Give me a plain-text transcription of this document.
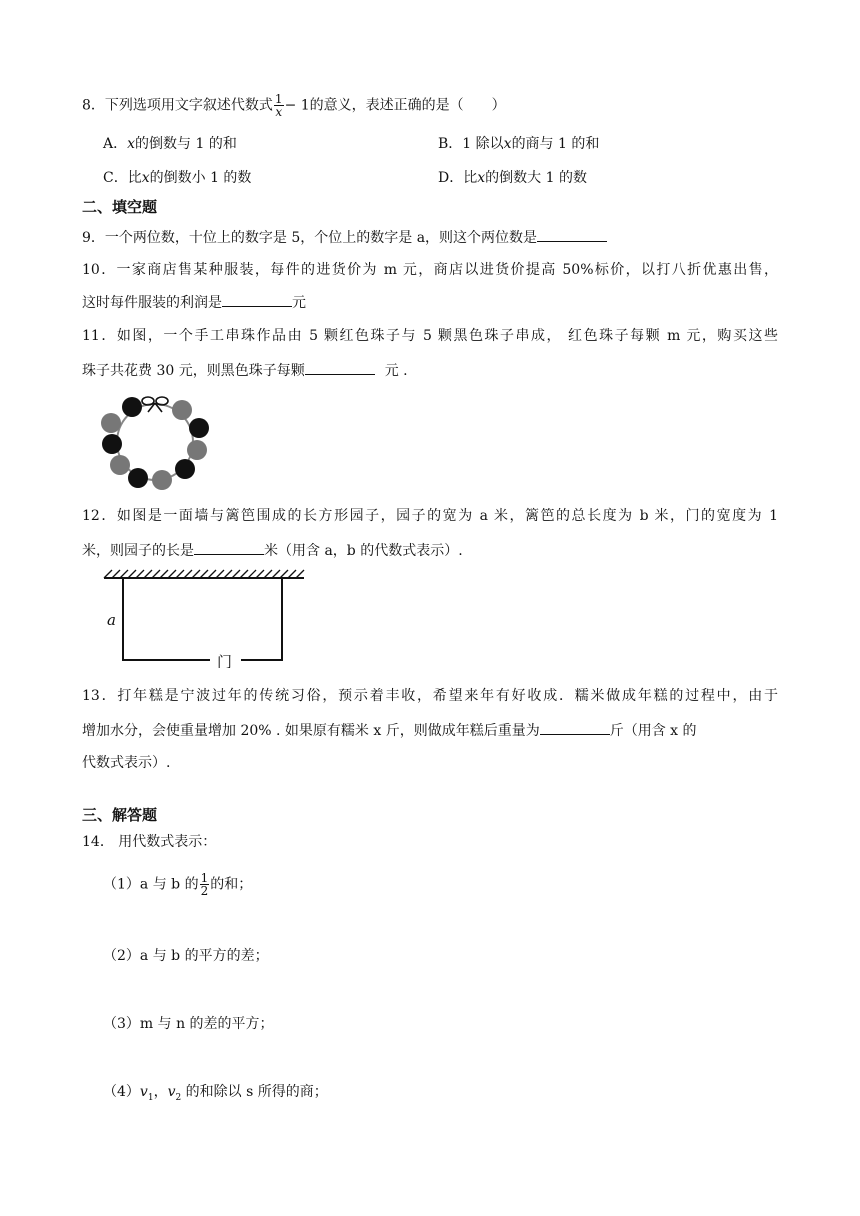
8．下列选项用文字叙述代数式 $\frac{1}{x} - 1$的意义，表述正确的是（　　）
A．x的倒数与 1 的和	B．1 除以x的商与 1 的和
C．比x的倒数小 1 的数	D．比x的倒数大 1 的数
二、填空题
9．一个两位数，十位上的数字是 5，个位上的数字是 a，则这个两位数是
10．一家商店售某种服装，每件的进货价为 m 元，商店以进货价提高 50%标价，以打八折优惠出售，
这时每件服装的利润是	元
11．如图，一个手工串珠作品由 5 颗红色珠子与 5 颗黑色珠子串成， 红色珠子每颗 m 元，购买这些
珠子共花费 30 元，则黑色珠子每颗	元 .
12．如图是一面墙与篱笆围成的长方形园子，园子的宽为 a 米，篱笆的总长度为 b 米，门的宽度为 1
米，则园子的长是	米（用含 a，b 的代数式表示）.
a
门
13．打年糕是宁波过年的传统习俗，预示着丰收，希望来年有好收成．糯米做成年糕的过程中，由于
增加水分，会使重量增加 20% . 如果原有糯米 x 斤，则做成年糕后重量为	斤（用含 x 的
代数式表示）.
三、解答题
14． 用代数式表示：
（1）a 与 b 的 $\frac{1}{2}$ 的和；
（2）a 与 b 的平方的差；
（3）m 与 n 的差的平方；
$(4)v_1$，$v_2$ 的和除以 s 所得的商；
